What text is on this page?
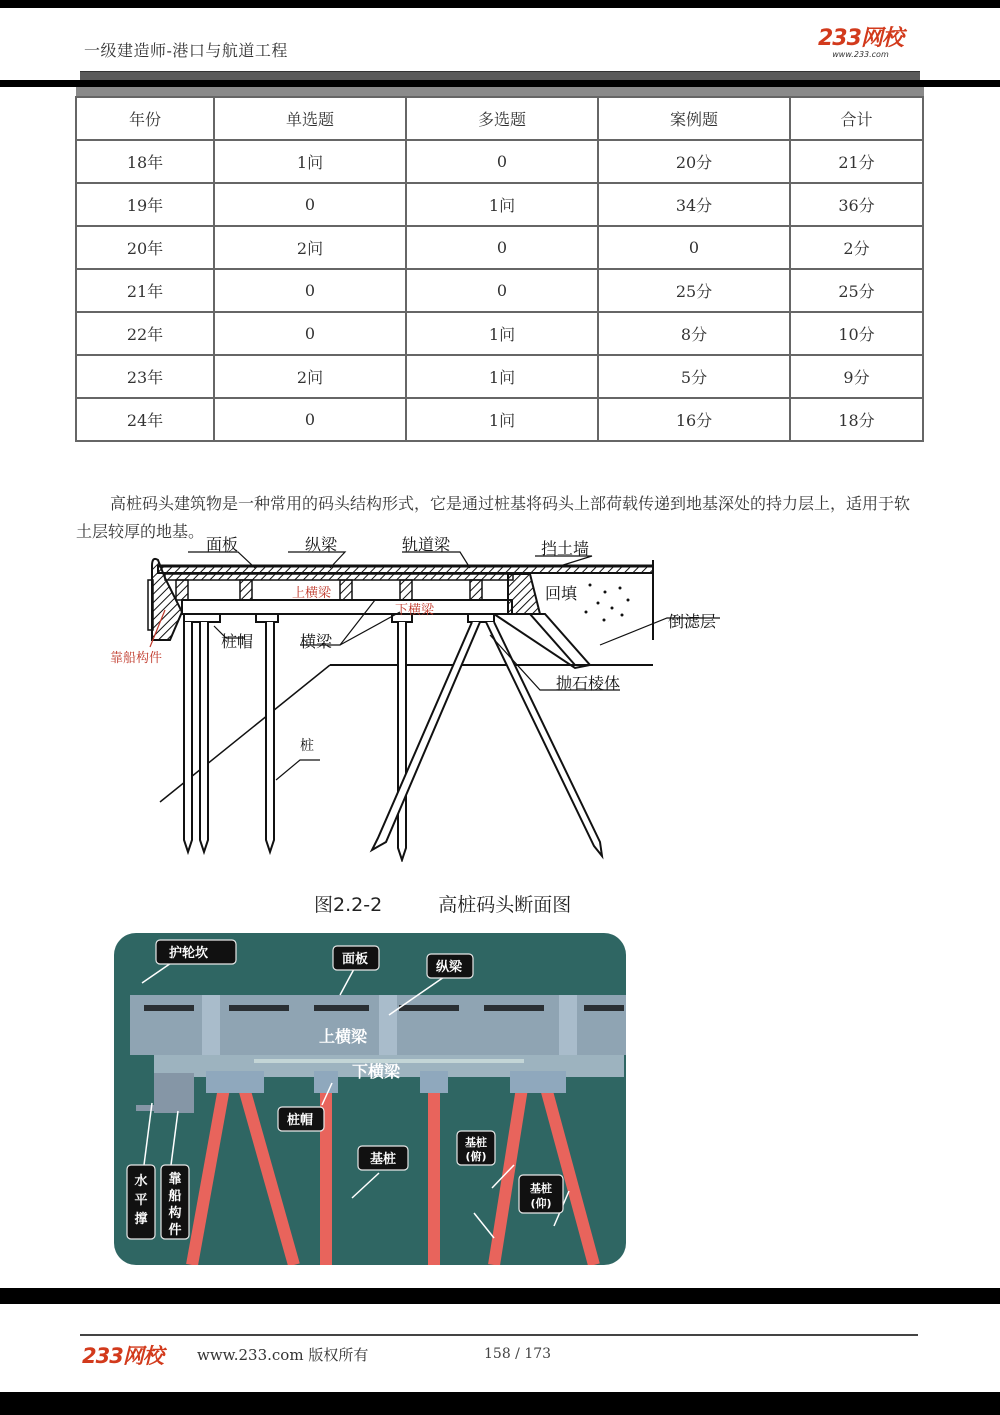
一级建造师-港口与航道工程	233网校
www.233.com
年份	单选题	多选题	案例题	合计
18年	1问	0	20分	21分
19年	0	1问	34分	36分
20年	2问	0	0	2分
21年	0	0	25分	25分
22年	0	1问	8分	10分
23年	2问	1问	5分	9分
24年	0	1问	16分	18分

高桩码头建筑物是一种常用的码头结构形式，它是通过桩基将码头上部荷载传递到地基深处的持力层上，适用于软土层较厚的地基。

面板	纵梁	轨道梁	挡土墙
回填
倒滤层
桩帽	横梁
抛石棱体
桩
上横梁
下横梁
靠船构件
图2.2-2	高桩码头断面图
上横梁
下横梁
护轮坎	面板
纵梁
桩帽
基桩
基桩
(俯)
基桩
(仰)
水
平
撑
靠
船
构
件
233网校 www.233.com 版权所有	158 / 173
